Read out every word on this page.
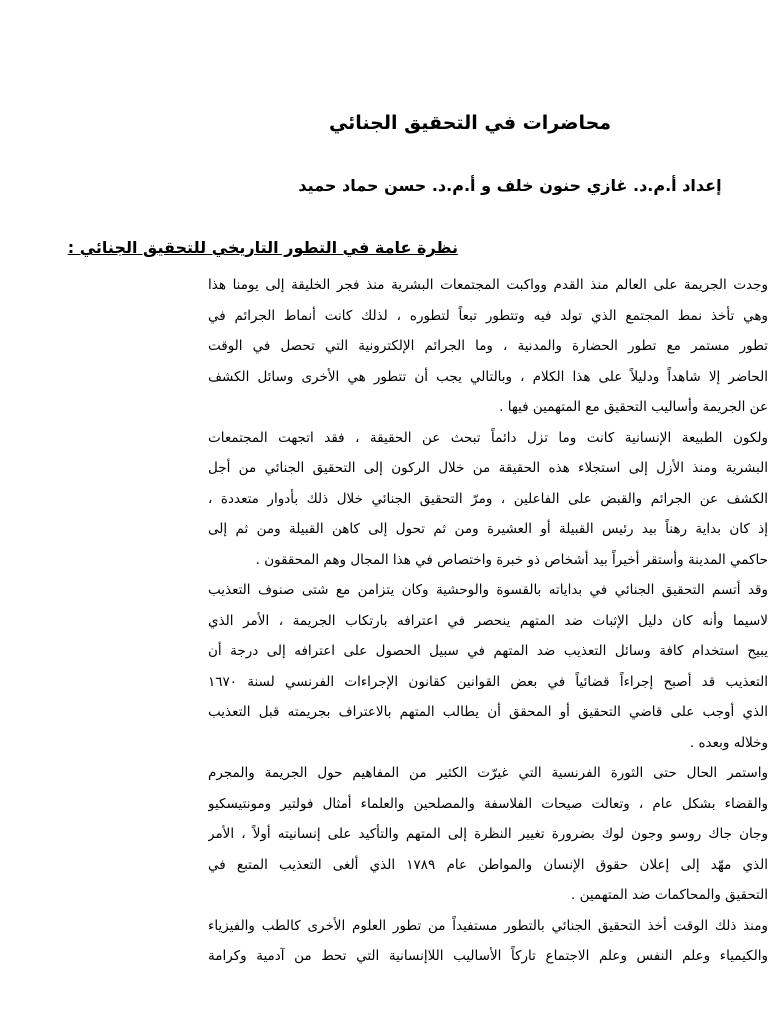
محاضرات في التحقيق الجنائي
إعداد أ.م.د. غازي حنون خلف و أ.م.د. حسن حماد حميد
نظرة عامة في التطور التاريخي للتحقيق الجنائي :
وجدت الجريمة على العالم منذ القدم وواكبت المجتمعات البشرية منذ فجر الخليقة إلى يومنا هذا
وهي تأخذ نمط المجتمع الذي تولد فيه وتتطور تبعاً لتطوره ، لذلك كانت أنماط الجرائم في
تطور مستمر مع تطور الحضارة والمدنية ، وما الجرائم الإلكترونية التي تحصل في الوقت
الحاضر إلا شاهداً ودليلاً على هذا الكلام ، وبالتالي يجب أن تتطور هي الأخرى وسائل الكشف
عن الجريمة وأساليب التحقيق مع المتهمين فيها .
ولكون الطبيعة الإنسانية كانت وما تزل دائماً تبحث عن الحقيقة ، فقد اتجهت المجتمعات
البشرية ومنذ الأزل إلى استجلاء هذه الحقيقة من خلال الركون إلى التحقيق الجنائي من أجل
الكشف عن الجرائم والقبض على الفاعلين ، ومرّ التحقيق الجنائي خلال ذلك بأدوار متعددة ،
إذ كان بداية رهناً بيد رئيس القبيلة أو العشيرة ومن ثم تحول إلى كاهن القبيلة ومن ثم إلى
حاكمي المدينة وأستقر أخيراً بيد أشخاص ذو خبرة واختصاص في هذا المجال وهم المحققون .
وقد أتسم التحقيق الجنائي في بداياته بالقسوة والوحشية وكان يتزامن مع شتى صنوف التعذيب
لاسيما وأنه كان دليل الإثبات ضد المتهم ينحصر في اعترافه بارتكاب الجريمة ، الأمر الذي
يبيح استخدام كافة وسائل التعذيب ضد المتهم في سبيل الحصول على اعترافه إلى درجة أن
التعذيب قد أصبح إجراءاً قضائياً في بعض القوانين كقانون الإجراءات الفرنسي لسنة ١٦٧٠
الذي أوجب على قاضي التحقيق أو المحقق أن يطالب المتهم بالاعتراف بجريمته قبل التعذيب
وخلاله وبعده .
واستمر الحال حتى الثورة الفرنسية التي غيرّت الكثير من المفاهيم حول الجريمة والمجرم
والقضاء بشكل عام ، وتعالت صيحات الفلاسفة والمصلحين والعلماء أمثال فولتير ومونتيسكيو
وجان جاك روسو وجون لوك بضرورة تغيير النظرة إلى المتهم والتأكيد على إنسانيته أولاً ، الأمر
الذي مهّد إلى إعلان حقوق الإنسان والمواطن عام ١٧٨٩ الذي ألغى التعذيب المتبع في
التحقيق والمحاكمات ضد المتهمين .
ومنذ ذلك الوقت أخذ التحقيق الجنائي بالتطور مستفيداً من تطور العلوم الأخرى كالطب والفيزياء
والكيمياء وعلم النفس وعلم الاجتماع تاركاً الأساليب اللاإنسانية التي تحط من آدمية وكرامة
